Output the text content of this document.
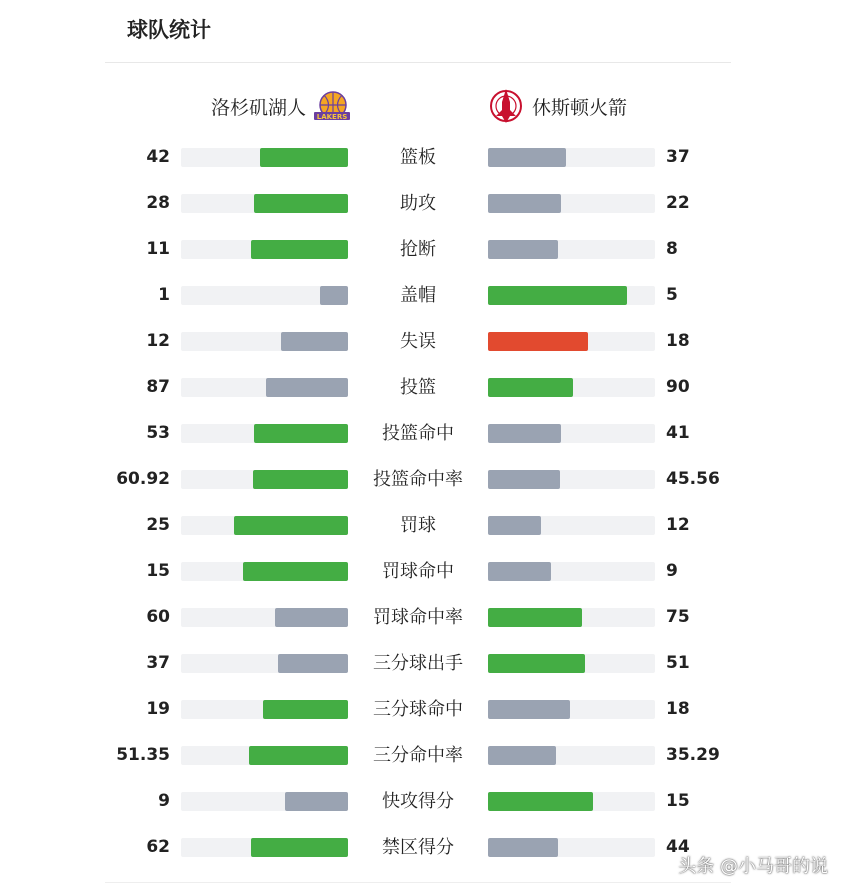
球队统计
洛杉矶湖人 LAKERS	休斯顿火箭
42	篮板	37
28	助攻	22
11	抢断	8
1	盖帽	5
12	失误	18
87	投篮	90
53	投篮命中	41
60.92	投篮命中率	45.56
25	罚球	12
15	罚球命中	9
60	罚球命中率	75
37	三分球出手	51
19	三分球命中	18
51.35	三分命中率	35.29
9	快攻得分	15
62	禁区得分	44
头条 @小马哥的说
